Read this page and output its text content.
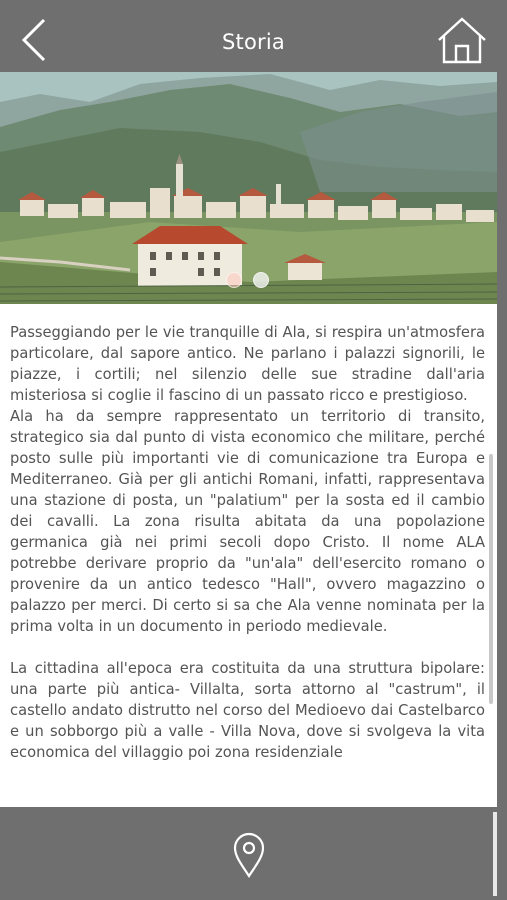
Storia

Passeggiando per le vie tranquille di Ala, si respira un'atmosfera particolare, dal sapore antico. Ne parlano i palazzi signorili, le piazze, i cortili; nel silenzio delle sue stradine dall'aria misteriosa si coglie il fascino di un passato ricco e prestigioso.

Ala ha da sempre rappresentato un territorio di transito, strategico sia dal punto di vista economico che militare, perché posto sulle più importanti vie di comunicazione tra Europa e Mediterraneo. Già per gli antichi Romani, infatti, rappresentava una stazione di posta, un "palatium" per la sosta ed il cambio dei cavalli. La zona risulta abitata da una popolazione germanica già nei primi secoli dopo Cristo. Il nome ALA potrebbe derivare proprio da "un'ala" dell'esercito romano o provenire da un antico tedesco "Hall", ovvero magazzino o palazzo per merci. Di certo si sa che Ala venne nominata per la prima volta in un documento in periodo medievale.

La cittadina all'epoca era costituita da una struttura bipolare: una parte più antica- Villalta, sorta attorno al "castrum", il castello andato distrutto nel corso del Medioevo dai Castelbarco e un sobborgo più a valle - Villa Nova, dove si svolgeva la vita economica del villaggio poi zona residenziale
